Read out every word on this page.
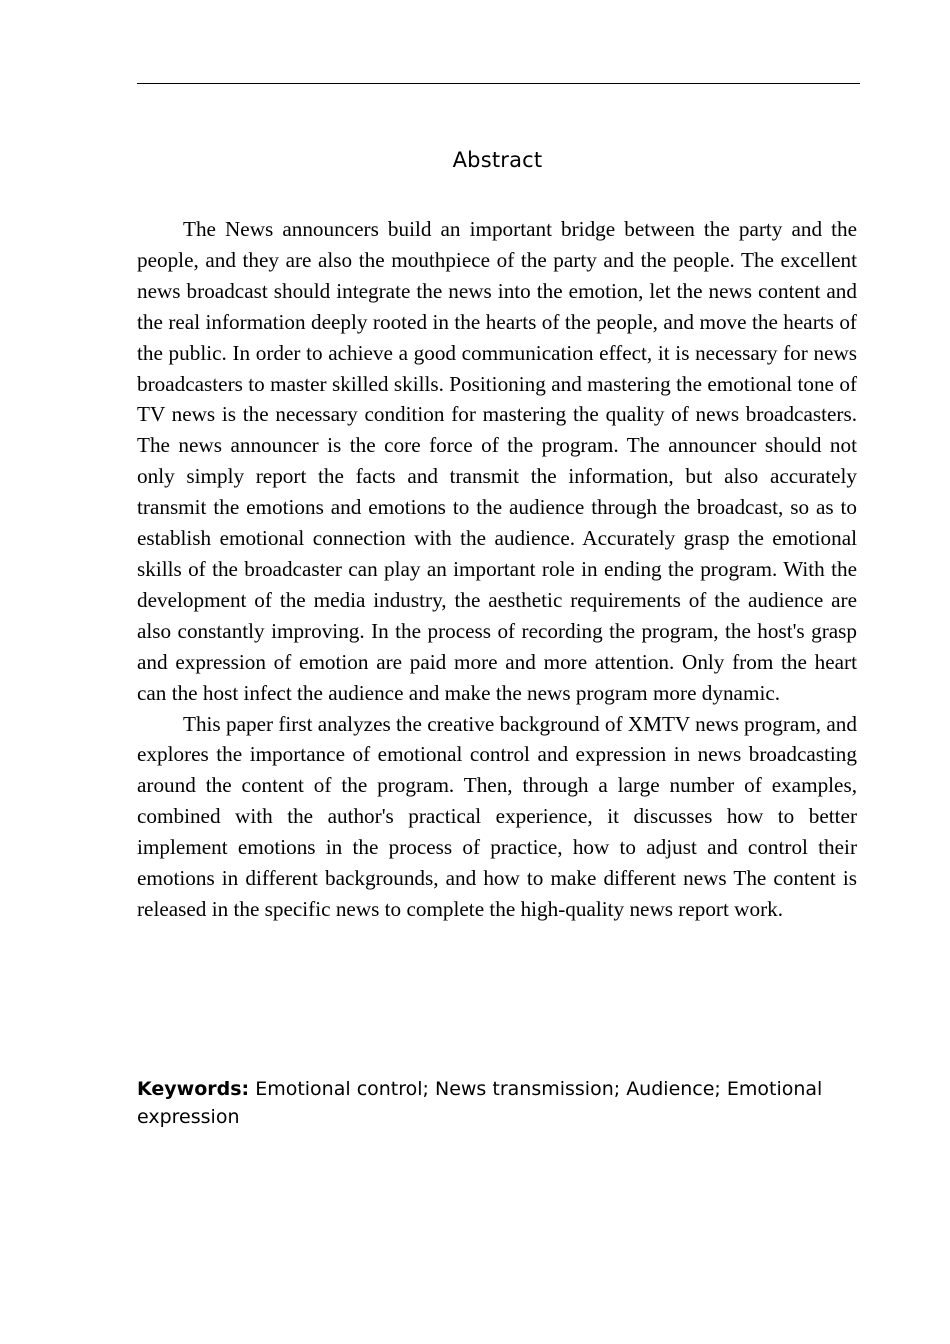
Abstract

The News announcers build an important bridge between the party and the people, and they are also the mouthpiece of the party and the people. The excellent news broadcast should integrate the news into the emotion, let the news content and the real information deeply rooted in the hearts of the people, and move the hearts of the public. In order to achieve a good communication effect, it is necessary for news broadcasters to master skilled skills. Positioning and mastering the emotional tone of TV news is the necessary condition for mastering the quality of news broadcasters. The news announcer is the core force of the program. The announcer should not only simply report the facts and transmit the information, but also accurately transmit the emotions and emotions to the audience through the broadcast, so as to establish emotional connection with the audience. Accurately grasp the emotional skills of the broadcaster can play an important role in ending the program. With the development of the media industry, the aesthetic requirements of the audience are also constantly improving. In the process of recording the program, the host's grasp and expression of emotion are paid more and more attention. Only from the heart can the host infect the audience and make the news program more dynamic.

This paper first analyzes the creative background of XMTV news program, and explores the importance of emotional control and expression in news broadcasting around the content of the program. Then, through a large number of examples, combined with the author's practical experience, it discusses how to better implement emotions in the process of practice, how to adjust and control their emotions in different backgrounds, and how to make different news The content is released in the specific news to complete the high-quality news report work.

Keywords: Emotional control; News transmission; Audience; Emotional expression
